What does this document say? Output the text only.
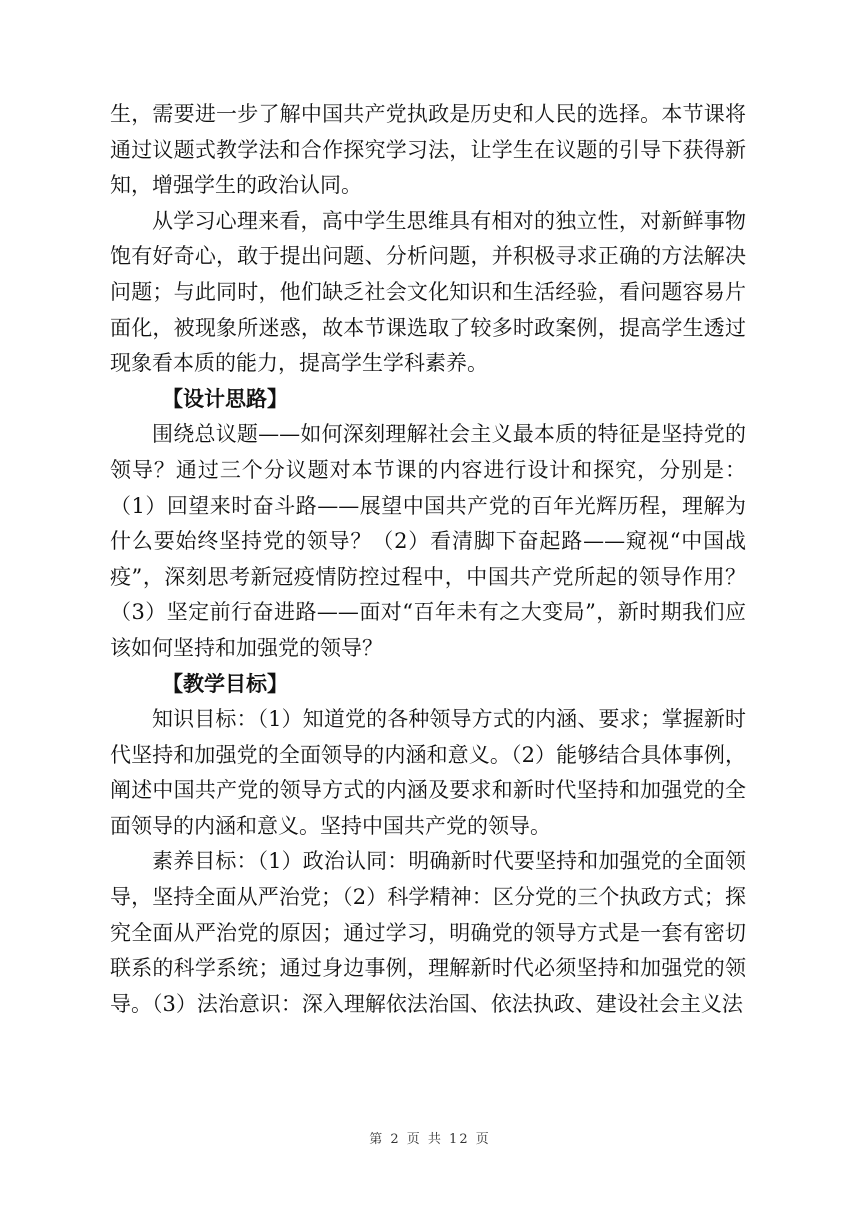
生，需要进一步了解中国共产党执政是历史和人民的选择。本节课将通过议题式教学法和合作探究学习法，让学生在议题的引导下获得新知，增强学生的政治认同。

从学习心理来看，高中学生思维具有相对的独立性，对新鲜事物饱有好奇心，敢于提出问题、分析问题，并积极寻求正确的方法解决问题；与此同时，他们缺乏社会文化知识和生活经验，看问题容易片面化，被现象所迷惑，故本节课选取了较多时政案例，提高学生透过现象看本质的能力，提高学生学科素养。

【设计思路】

围绕总议题——如何深刻理解社会主义最本质的特征是坚持党的领导？通过三个分议题对本节课的内容进行设计和探究，分别是：（1）回望来时奋斗路——展望中国共产党的百年光辉历程，理解为什么要始终坚持党的领导？（2）看清脚下奋起路——窥视“中国战疫”，深刻思考新冠疫情防控过程中，中国共产党所起的领导作用？（3）坚定前行奋进路——面对“百年未有之大变局”，新时期我们应该如何坚持和加强党的领导？

【教学目标】

知识目标：（1）知道党的各种领导方式的内涵、要求；掌握新时代坚持和加强党的全面领导的内涵和意义。（2）能够结合具体事例，阐述中国共产党的领导方式的内涵及要求和新时代坚持和加强党的全面领导的内涵和意义。坚持中国共产党的领导。

素养目标：（1）政治认同：明确新时代要坚持和加强党的全面领导，坚持全面从严治党；（2）科学精神：区分党的三个执政方式；探究全面从严治党的原因；通过学习，明确党的领导方式是一套有密切联系的科学系统；通过身边事例，理解新时代必须坚持和加强党的领导。（3）法治意识：深入理解依法治国、依法执政、建设社会主义法

第 2 页 共 12 页
